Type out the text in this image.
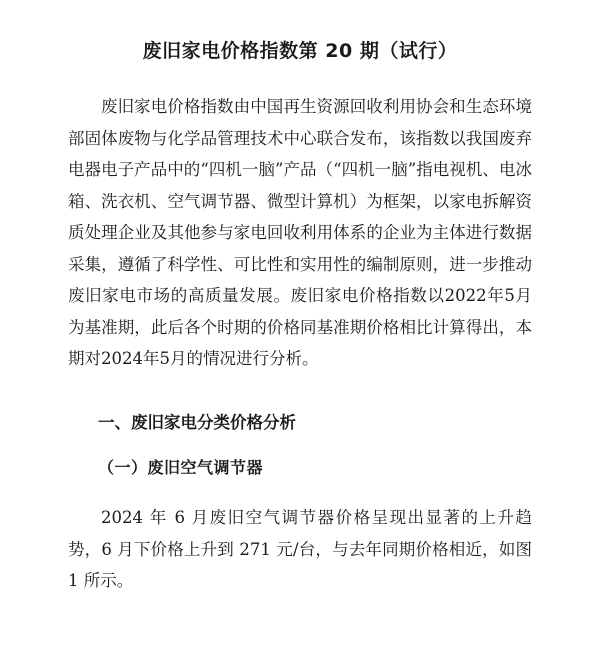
废旧家电价格指数第 20 期（试行）

废旧家电价格指数由中国再生资源回收利用协会和生态环境部固体废物与化学品管理技术中心联合发布，该指数以我国废弃电器电子产品中的“四机一脑”产品（“四机一脑”指电视机、电冰箱、洗衣机、空气调节器、微型计算机）为框架，以家电拆解资质处理企业及其他参与家电回收利用体系的企业为主体进行数据采集，遵循了科学性、可比性和实用性的编制原则，进一步推动废旧家电市场的高质量发展。废旧家电价格指数以2022年5月为基准期，此后各个时期的价格同基准期价格相比计算得出，本期对2024年5月的情况进行分析。

一、废旧家电分类价格分析
（一）废旧空气调节器

2024 年 6 月废旧空气调节器价格呈现出显著的上升趋势，6 月下价格上升到 271 元/台，与去年同期价格相近，如图 1 所示。
